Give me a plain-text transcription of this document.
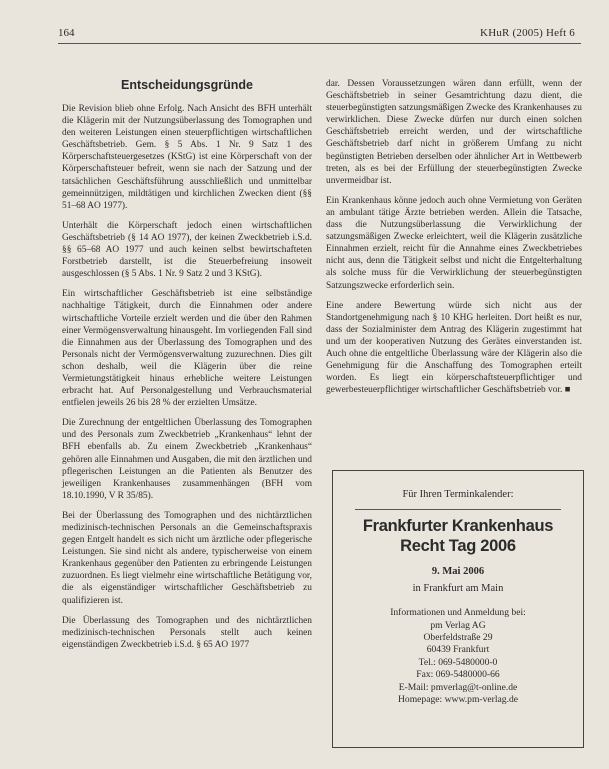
164	KHuR (2005) Heft 6
Entscheidungsgründe

Die Revision blieb ohne Erfolg. Nach Ansicht des BFH unterhält die Klägerin mit der Nutzungsüberlassung des Tomographen und den weiteren Leistungen einen steuerpflichtigen wirtschaftlichen Geschäftsbetrieb. Gem. § 5 Abs. 1 Nr. 9 Satz 1 des Körperschaftsteuergesetzes (KStG) ist eine Körperschaft von der Körperschaftsteuer befreit, wenn sie nach der Satzung und der tatsächlichen Geschäftsführung ausschließlich und unmittelbar gemeinnützigen, mildtätigen und kirchlichen Zwecken dient (§§ 51–68 AO 1977).

Unterhält die Körperschaft jedoch einen wirtschaftlichen Geschäftsbetrieb (§ 14 AO 1977), der keinen Zweckbetrieb i.S.d. §§ 65–68 AO 1977 und auch keinen selbst bewirtschafteten Forstbetrieb darstellt, ist die Steuerbefreiung insoweit ausgeschlossen (§ 5 Abs. 1 Nr. 9 Satz 2 und 3 KStG).

Ein wirtschaftlicher Geschäftsbetrieb ist eine selbständige nachhaltige Tätigkeit, durch die Einnahmen oder andere wirtschaftliche Vorteile erzielt werden und die über den Rahmen einer Vermögensverwaltung hinausgeht. Im vorliegenden Fall sind die Einnahmen aus der Überlassung des Tomographen und des Personals nicht der Vermögensverwaltung zuzurechnen. Dies gilt schon deshalb, weil die Klägerin über die reine Vermietungstätigkeit hinaus erhebliche weitere Leistungen erbracht hat. Auf Personalgestellung und Verbrauchsmaterial entfielen jeweils 26 bis 28 % der erzielten Umsätze.

Die Zurechnung der entgeltlichen Überlassung des Tomographen und des Personals zum Zweckbetrieb „Krankenhaus“ lehnt der BFH ebenfalls ab. Zu einem Zweckbetrieb „Krankenhaus“ gehören alle Einnahmen und Ausgaben, die mit den ärztlichen und pflegerischen Leistungen an die Patienten als Benutzer des jeweiligen Krankenhauses zusammenhängen (BFH vom 18.10.1990, V R 35/85).

Bei der Überlassung des Tomographen und des nichtärztlichen medizinisch-technischen Personals an die Gemeinschaftspraxis gegen Entgelt handelt es sich nicht um ärztliche oder pflegerische Leistungen. Sie sind nicht als andere, typischerweise von einem Krankenhaus gegenüber den Patienten zu erbringende Leistungen zuzuordnen. Es liegt vielmehr eine wirtschaftliche Betätigung vor, die als eigenständiger wirtschaftlicher Geschäftsbetrieb zu qualifizieren ist.

Die Überlassung des Tomographen und des nichtärztlichen medizinisch-technischen Personals stellt auch keinen eigenständigen Zweckbetrieb i.S.d. § 65 AO 1977

dar. Dessen Voraussetzungen wären dann erfüllt, wenn der Geschäftsbetrieb in seiner Gesamtrichtung dazu dient, die steuerbegünstigten satzungsmäßigen Zwecke des Krankenhauses zu verwirklichen. Diese Zwecke dürfen nur durch einen solchen Geschäftsbetrieb erreicht werden, und der wirtschaftliche Geschäftsbetrieb darf nicht in größerem Umfang zu nicht begünstigten Betrieben derselben oder ähnlicher Art in Wettbewerb treten, als es bei der Erfüllung der steuerbegünstigten Zwecke unvermeidbar ist.

Ein Krankenhaus könne jedoch auch ohne Vermietung von Geräten an ambulant tätige Ärzte betrieben werden. Allein die Tatsache, dass die Nutzungsüberlassung die Verwirklichung der satzungsmäßigen Zwecke erleichtert, weil die Klägerin zusätzliche Einnahmen erzielt, reicht für die Annahme eines Zweckbetriebes nicht aus, denn die Tätigkeit selbst und nicht die Entgelterhaltung als solche muss für die Verwirklichung der steuerbegünstigten Satzungszwecke erforderlich sein.

Eine andere Bewertung würde sich nicht aus der Standortgenehmigung nach § 10 KHG herleiten. Dort heißt es nur, dass der Sozialminister dem Antrag des Klägerin zugestimmt hat und um der kooperativen Nutzung des Gerätes einverstanden ist. Auch ohne die entgeltliche Überlassung wäre der Klägerin also die Genehmigung für die Anschaffung des Tomographen erteilt worden. Es liegt ein körperschaftsteuerpflichtiger und gewerbesteuerpflichtiger wirtschaftlicher Geschäftsbetrieb vor. ■

Für Ihren Terminkalender:
Frankfurter Krankenhaus
Recht Tag 2006
9. Mai 2006
in Frankfurt am Main
Informationen und Anmeldung bei:
pm Verlag AG
Oberfeldstraße 29
60439 Frankfurt
Tel.: 069-5480000-0
Fax: 069-5480000-66
E-Mail: pmverlag@t-online.de
Homepage: www.pm-verlag.de
